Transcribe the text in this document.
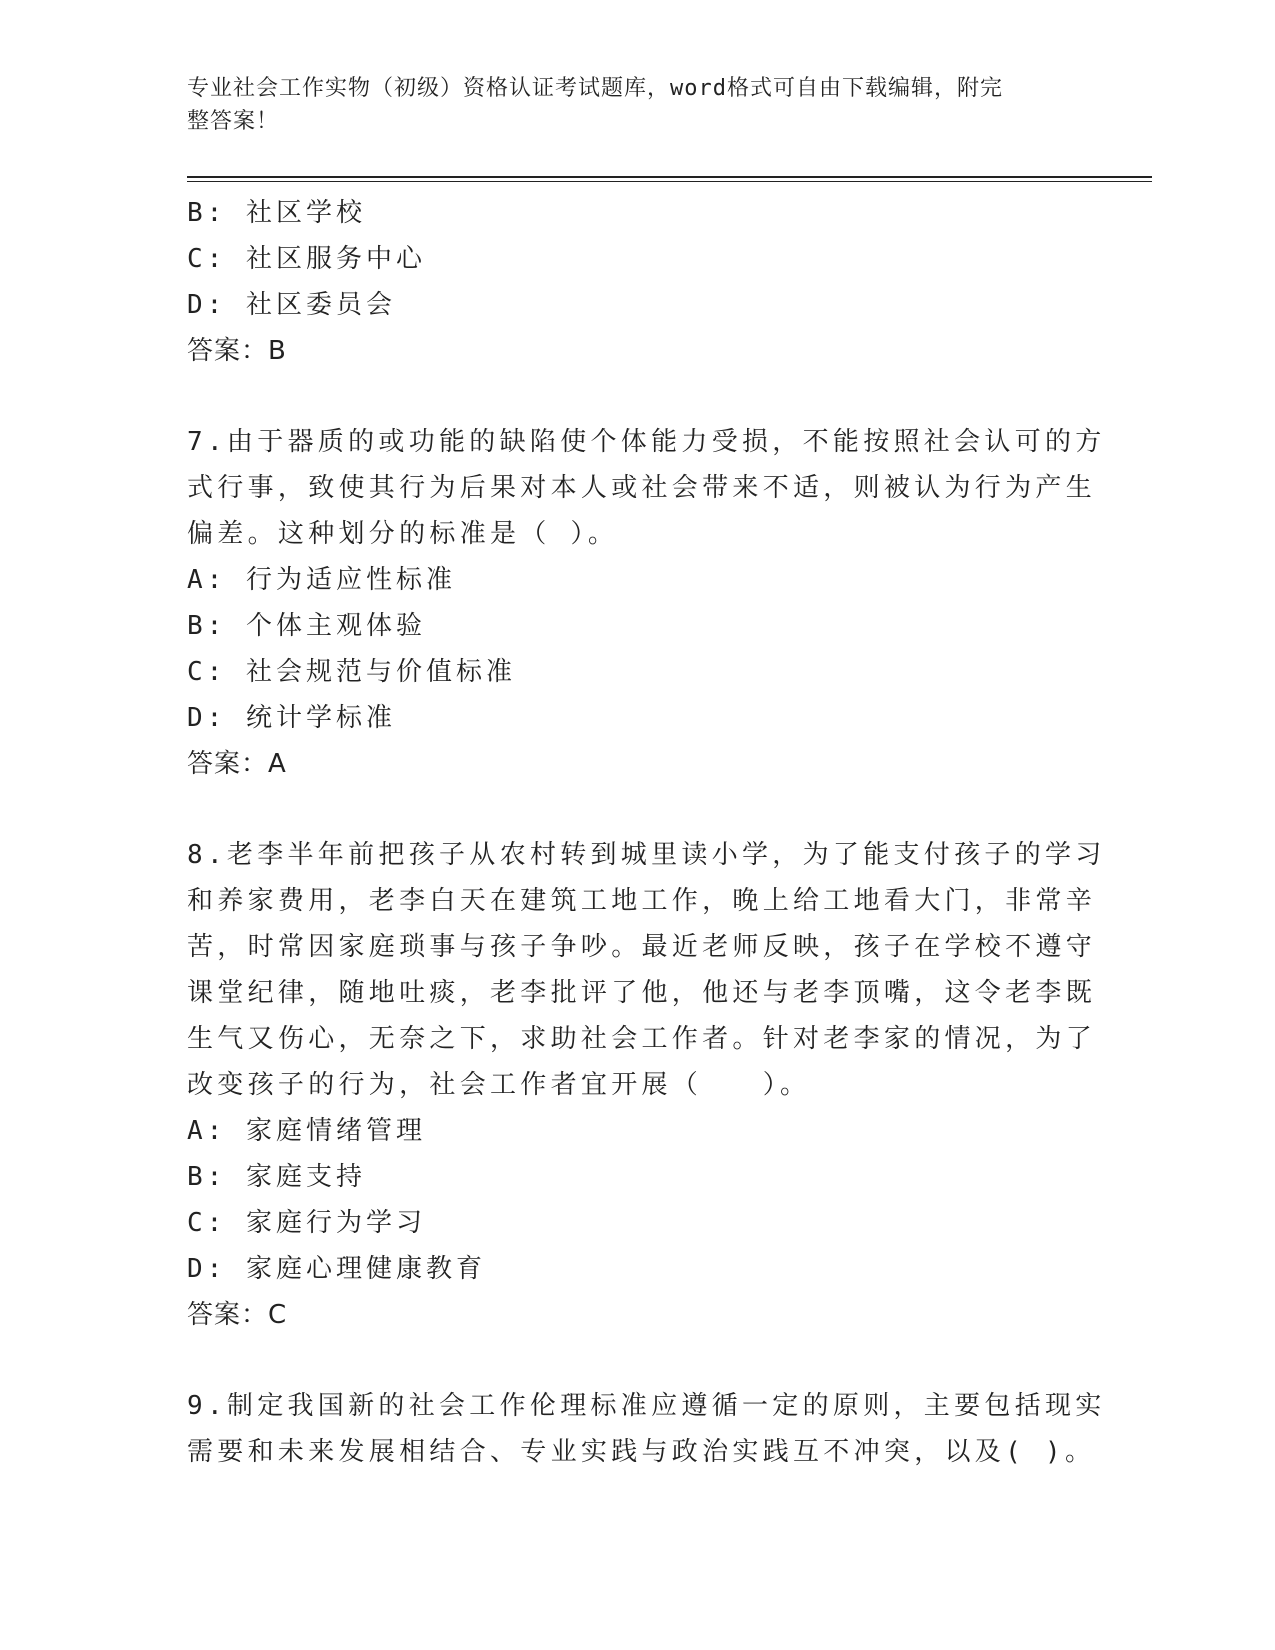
专业社会工作实物（初级）资格认证考试题库，word格式可自由下载编辑，附完
整答案！
B: 社区学校
C: 社区服务中心
D: 社区委员会
答案：B
7.由于器质的或功能的缺陷使个体能力受损，不能按照社会认可的方
式行事，致使其行为后果对本人或社会带来不适，则被认为行为产生
偏差。这种划分的标准是（ ）。
A: 行为适应性标准
B: 个体主观体验
C: 社会规范与价值标准
D: 统计学标准
答案：A
8.老李半年前把孩子从农村转到城里读小学，为了能支付孩子的学习
和养家费用，老李白天在建筑工地工作，晚上给工地看大门，非常辛
苦，时常因家庭琐事与孩子争吵。最近老师反映，孩子在学校不遵守
课堂纪律，随地吐痰，老李批评了他，他还与老李顶嘴，这令老李既
生气又伤心，无奈之下，求助社会工作者。针对老李家的情况，为了
改变孩子的行为，社会工作者宜开展（　　）。
A: 家庭情绪管理
B: 家庭支持
C: 家庭行为学习
D: 家庭心理健康教育
答案：C
9.制定我国新的社会工作伦理标准应遵循一定的原则，主要包括现实
需要和未来发展相结合、专业实践与政治实践互不冲突，以及( )。
